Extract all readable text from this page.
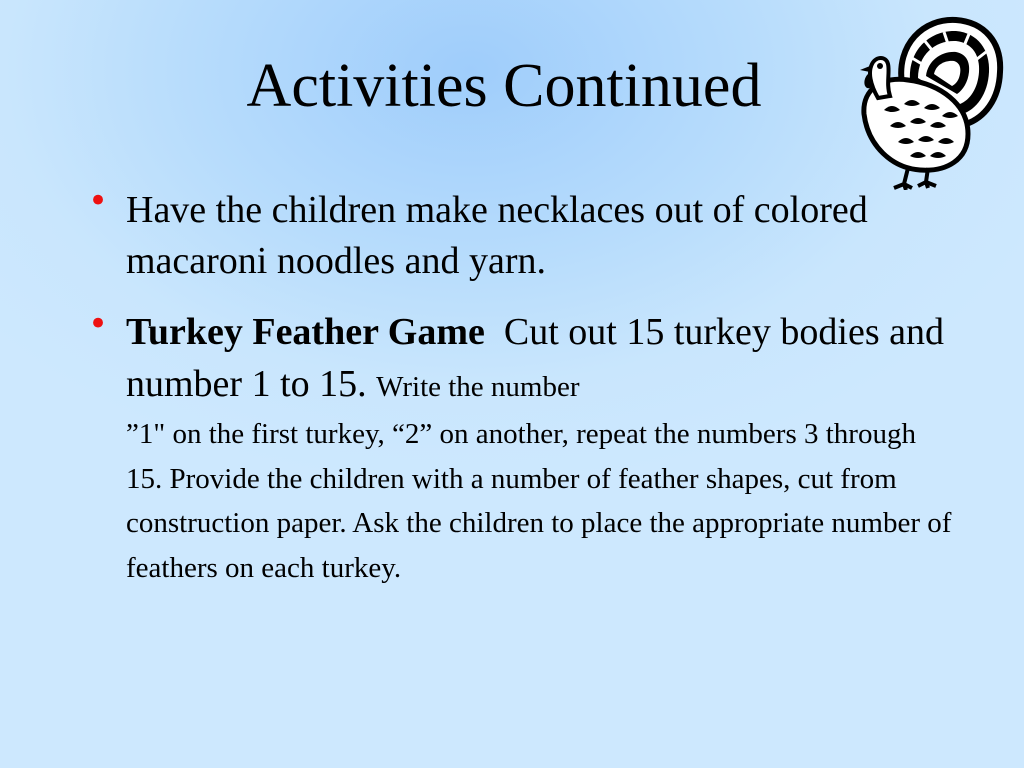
Activities Continued
• Have the children make necklaces out of colored macaroni noodles and yarn.
• Turkey Feather Game Cut out 15 turkey bodies and number 1 to 15. Write the number
”1" on the first turkey, “2” on another, repeat the numbers 3 through 15. Provide the children with a number of feather shapes, cut from construction paper. Ask the children to place the appropriate number of feathers on each turkey.
